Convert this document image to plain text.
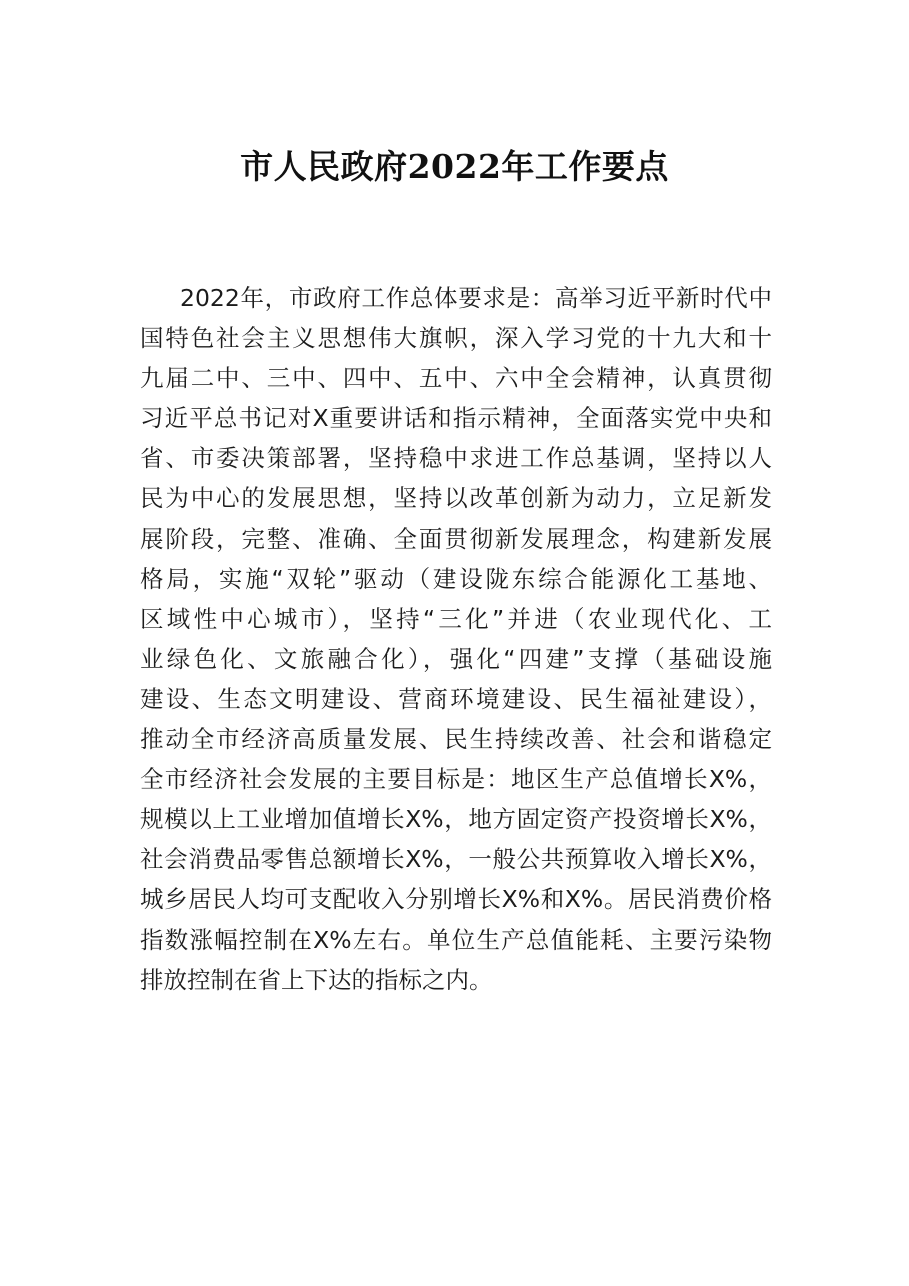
市人民政府2022年工作要点
2022年，市政府工作总体要求是：高举习近平新时代中
国特色社会主义思想伟大旗帜，深入学习党的十九大和十
九届二中、三中、四中、五中、六中全会精神，认真贯彻
习近平总书记对X重要讲话和指示精神，全面落实党中央和
省、市委决策部署，坚持稳中求进工作总基调，坚持以人
民为中心的发展思想，坚持以改革创新为动力，立足新发
展阶段，完整、准确、全面贯彻新发展理念，构建新发展
格局，实施“双轮”驱动（建设陇东综合能源化工基地、
区域性中心城市），坚持“三化”并进（农业现代化、工
业绿色化、文旅融合化），强化“四建”支撑（基础设施
建设、生态文明建设、营商环境建设、民生福祉建设），
推动全市经济高质量发展、民生持续改善、社会和谐稳定
全市经济社会发展的主要目标是：地区生产总值增长X%，
规模以上工业增加值增长X%，地方固定资产投资增长X%，
社会消费品零售总额增长X%，一般公共预算收入增长X%，
城乡居民人均可支配收入分别增长X%和X%。居民消费价格
指数涨幅控制在X%左右。单位生产总值能耗、主要污染物
排放控制在省上下达的指标之内。
